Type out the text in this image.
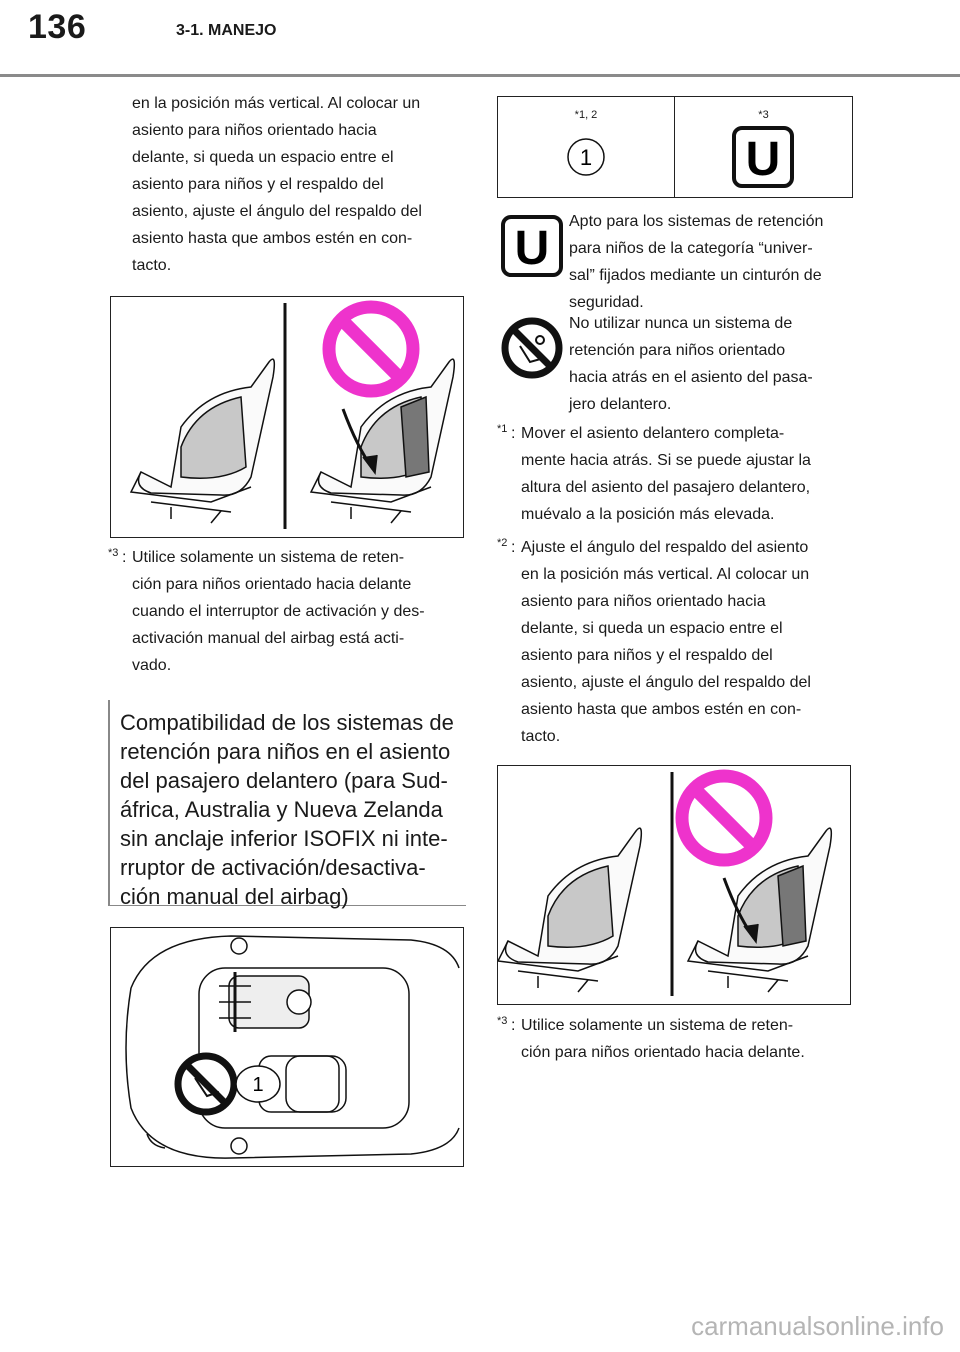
136	3-1. MANEJO
en la posición más vertical. Al colocar un
asiento para niños orientado hacia
delante, si queda un espacio entre el
asiento para niños y el respaldo del
asiento, ajuste el ángulo del respaldo del
asiento hasta que ambos estén en con-
tacto.
*3 : Utilice solamente un sistema de reten-
ción para niños orientado hacia delante
cuando el interruptor de activación y des-
activación manual del airbag está acti-
vado.
Compatibilidad de los sistemas de
retención para niños en el asiento
del pasajero delantero (para Sud-
áfrica, Australia y Nueva Zelanda
sin anclaje inferior ISOFIX ni inte-
rruptor de activación/desactiva-
ción manual del airbag)
1
*1, 2
1
*3
U
U
Apto para los sistemas de retención
para niños de la categoría “univer-
sal” fijados mediante un cinturón de
seguridad.
No utilizar nunca un sistema de
retención para niños orientado
hacia atrás en el asiento del pasa-
jero delantero.
*1 : Mover el asiento delantero completa-
mente hacia atrás. Si se puede ajustar la
altura del asiento del pasajero delantero,
muévalo a la posición más elevada.
*2 : Ajuste el ángulo del respaldo del asiento
en la posición más vertical. Al colocar un
asiento para niños orientado hacia
delante, si queda un espacio entre el
asiento para niños y el respaldo del
asiento, ajuste el ángulo del respaldo del
asiento hasta que ambos estén en con-
tacto.
*3 : Utilice solamente un sistema de reten-
ción para niños orientado hacia delante.
carmanualsonline.info
